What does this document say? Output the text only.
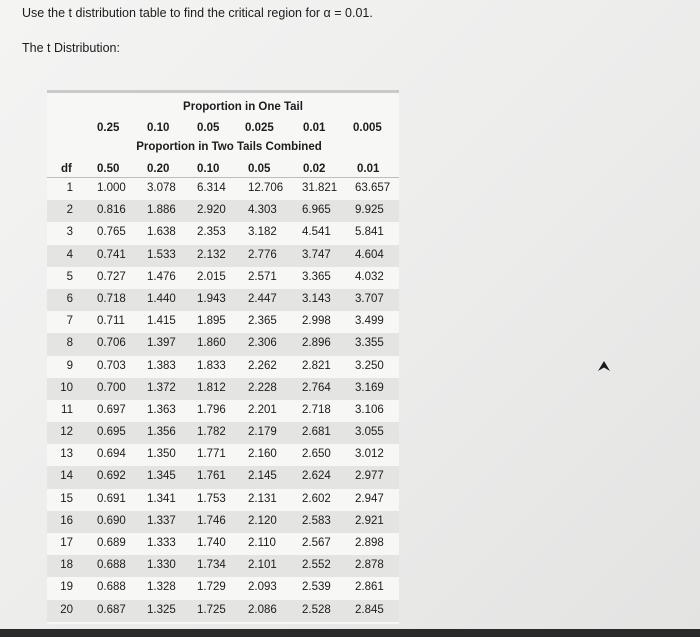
Use the t distribution table to find the critical region for α = 0.01.
The t Distribution:
Proportion in One Tail
0.25 0.10 0.05 0.025	0.01 0.005
Proportion in Two Tails Combined
df 0.50 0.20 0.10 0.05	0.02	0.01
1 1.000 3.078 6.314 12.706 31.821 63.657
2 0.816 1.886 2.920 4.303 6.965 9.925
3 0.765 1.638 2.353 3.182 4.541 5.841
4 0.741 1.533 2.132 2.776 3.747 4.604
5 0.727 1.476 2.015 2.571 3.365 4.032
6 0.718 1.440 1.943 2.447 3.143 3.707
7 0.711 1.415 1.895 2.365 2.998 3.499
8 0.706 1.397 1.860 2.306 2.896 3.355
9 0.703 1.383 1.833 2.262 2.821 3.250
10 0.700 1.372 1.812 2.228 2.764 3.169
11 0.697 1.363 1.796 2.201 2.718 3.106
12 0.695 1.356 1.782 2.179 2.681 3.055
13 0.694 1.350 1.771 2.160 2.650 3.012
14 0.692 1.345 1.761 2.145 2.624 2.977
15 0.691 1.341 1.753 2.131 2.602 2.947
16 0.690 1.337 1.746 2.120 2.583 2.921
17 0.689 1.333 1.740 2.110 2.567 2.898
18 0.688 1.330 1.734 2.101 2.552 2.878
19 0.688 1.328 1.729 2.093 2.539 2.861
20 0.687 1.325 1.725 2.086 2.528 2.845
